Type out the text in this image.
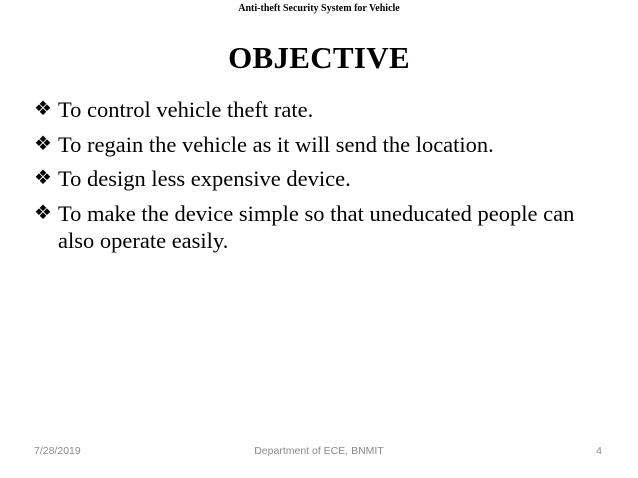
Anti-theft Security System for Vehicle
OBJECTIVE
❖ To control vehicle theft rate.
❖ To regain the vehicle as it will send the location.
❖ To design less expensive device.
❖ To make the device simple so that uneducated people can also operate easily.
7/28/2019	Department of ECE, BNMIT	4
